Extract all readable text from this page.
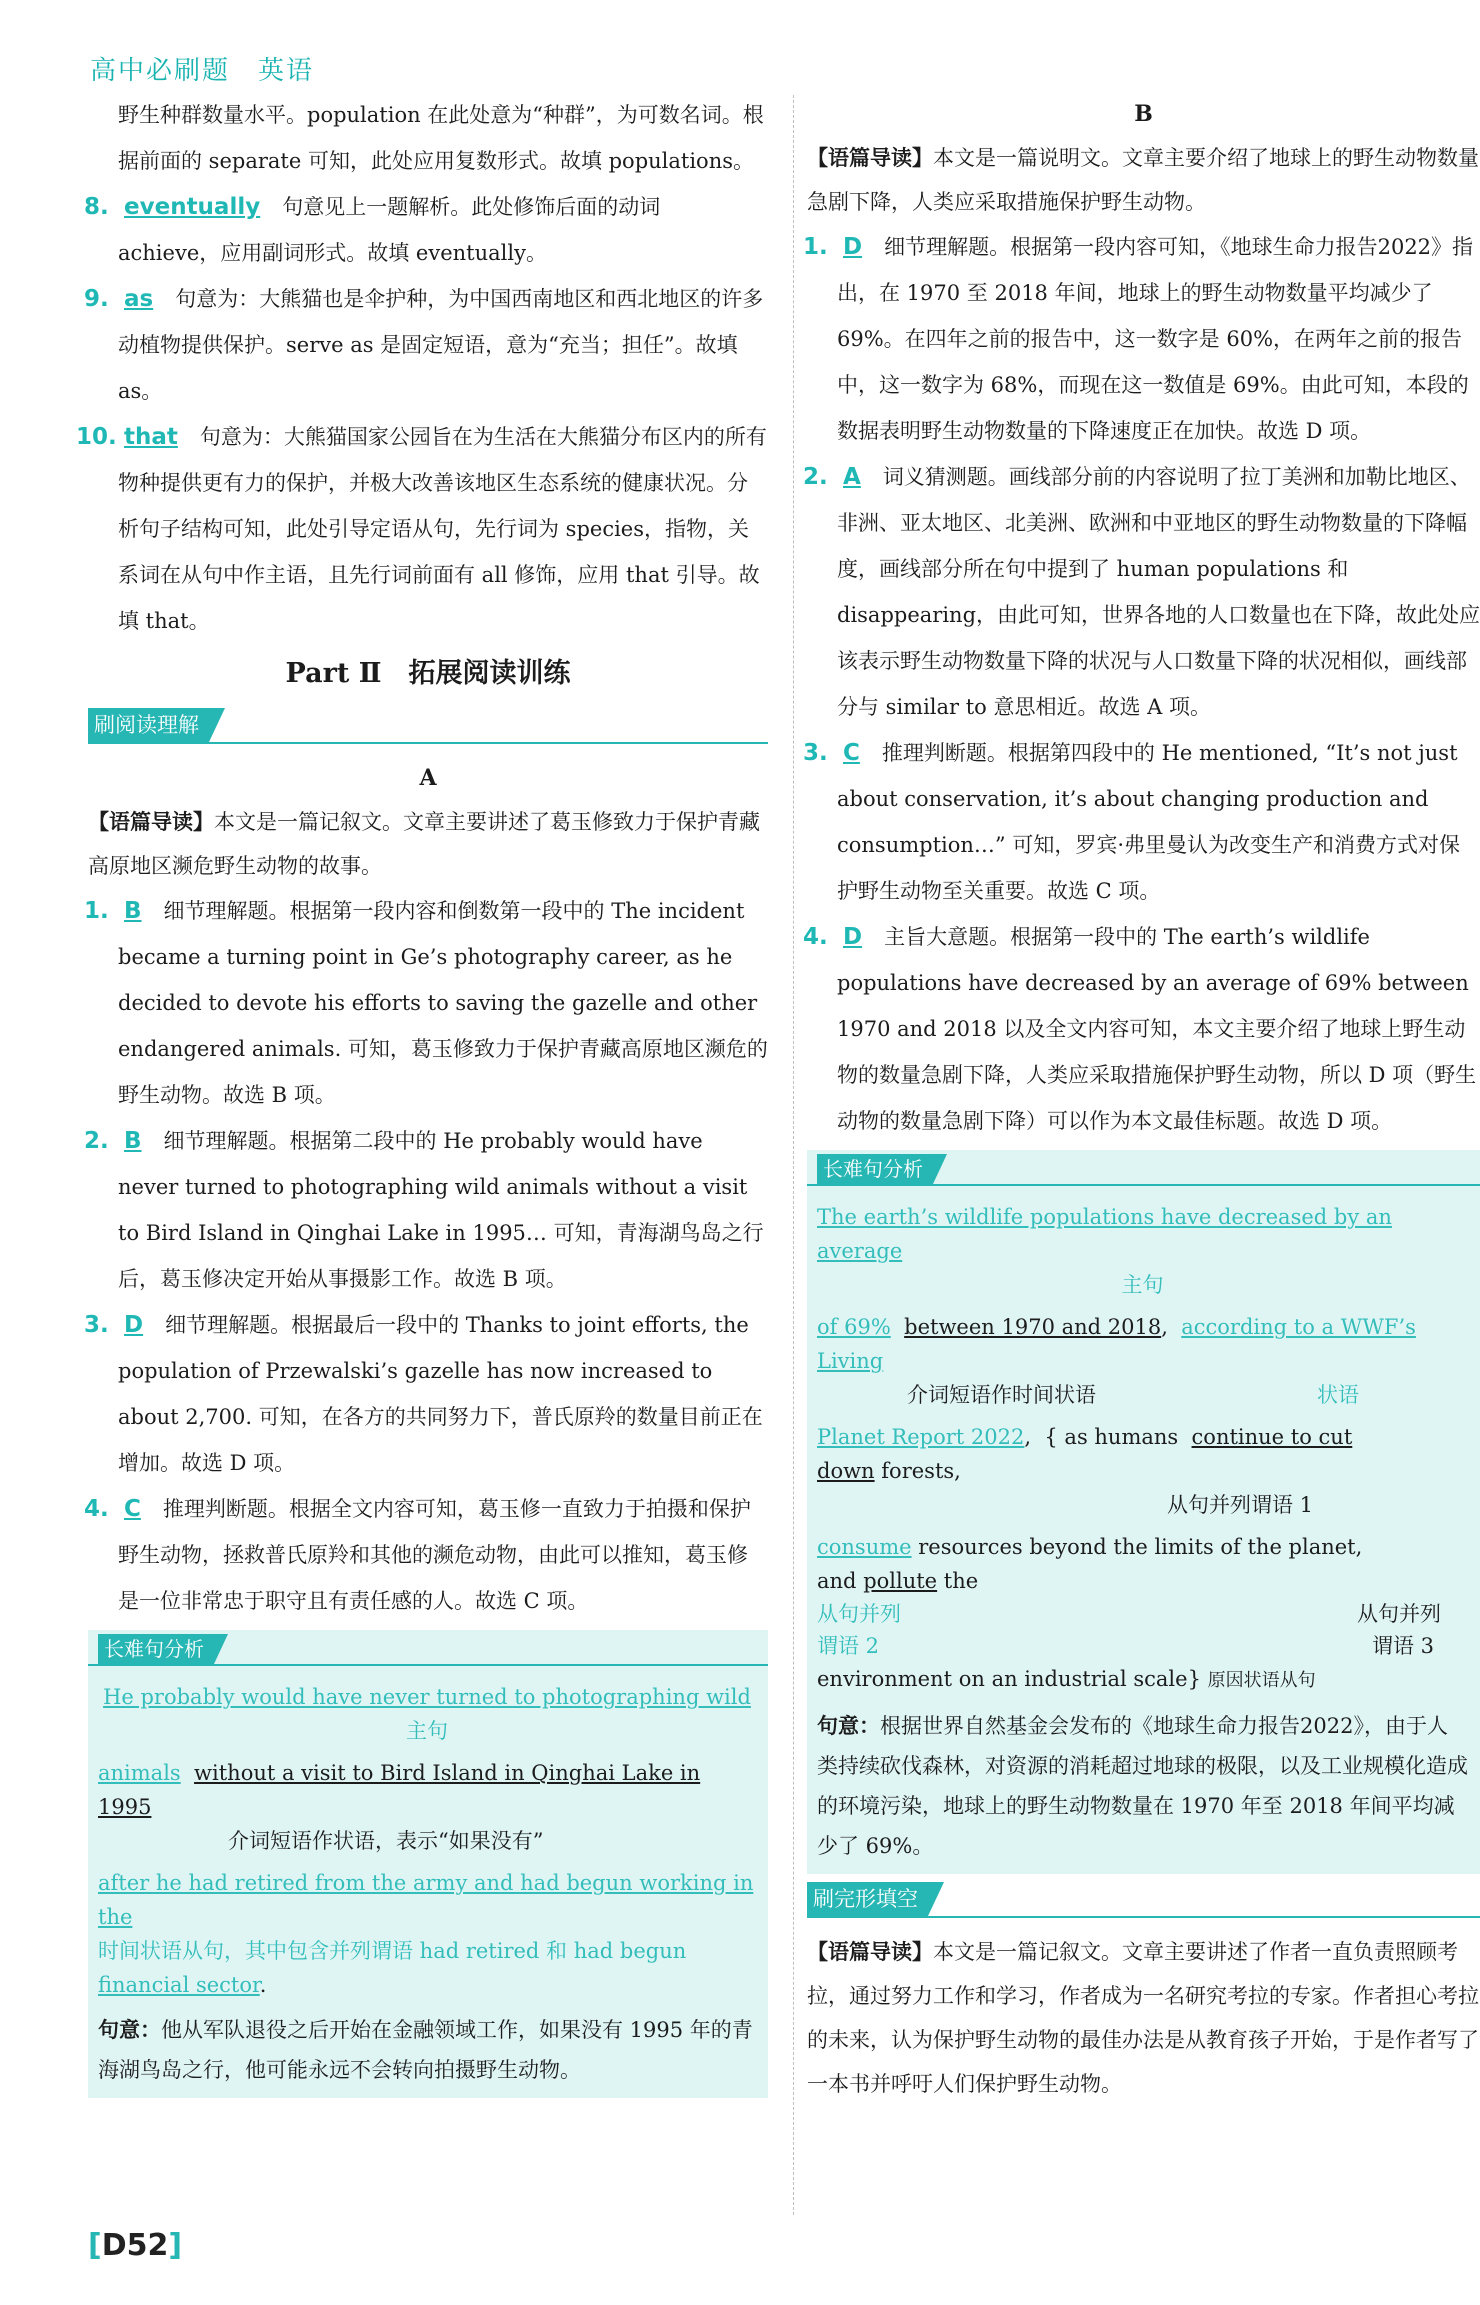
高中必刷题　英语

野生种群数量水平。population 在此处意为“种群”，为可数名词。根据前面的 separate 可知，此处应用复数形式。故填 populations。

8. eventually 句意见上一题解析。此处修饰后面的动词 achieve，应用副词形式。故填 eventually。
9. as 句意为：大熊猫也是伞护种，为中国西南地区和西北地区的许多动植物提供保护。serve as 是固定短语，意为“充当；担任”。故填 as。
10. that 句意为：大熊猫国家公园旨在为生活在大熊猫分布区内的所有物种提供更有力的保护，并极大改善该地区生态系统的健康状况。分析句子结构可知，此处引导定语从句，先行词为 species，指物，关系词在从句中作主语，且先行词前面有 all 修饰，应用 that 引导。故填 that。
Part Ⅱ　拓展阅读训练
刷阅读理解
A
【语篇导读】本文是一篇记叙文。文章主要讲述了葛玉修致力于保护青藏高原地区濒危野生动物的故事。
1. B 细节理解题。根据第一段内容和倒数第一段中的 The incident became a turning point in Ge’s photography career, as he decided to devote his efforts to saving the gazelle and other endangered animals. 可知，葛玉修致力于保护青藏高原地区濒危的野生动物。故选 B 项。
2. B 细节理解题。根据第二段中的 He probably would have never turned to photographing wild animals without a visit to Bird Island in Qinghai Lake in 1995… 可知，青海湖鸟岛之行后，葛玉修决定开始从事摄影工作。故选 B 项。
3. D 细节理解题。根据最后一段中的 Thanks to joint efforts, the population of Przewalski’s gazelle has now increased to about 2,700. 可知，在各方的共同努力下，普氏原羚的数量目前正在增加。故选 D 项。
4. C 推理判断题。根据全文内容可知，葛玉修一直致力于拍摄和保护野生动物，拯救普氏原羚和其他的濒危动物，由此可以推知，葛玉修是一位非常忠于职守且有责任感的人。故选 C 项。
长难句分析
He probably would have never turned to photographing wild
主句
animals without a visit to Bird Island in Qinghai Lake in 1995
介词短语作状语，表示“如果没有”
after he had retired from the army and had begun working in the
时间状语从句，其中包含并列谓语 had retired 和 had begun
financial sector.
句意：他从军队退役之后开始在金融领域工作，如果没有 1995 年的青海湖鸟岛之行，他可能永远不会转向拍摄野生动物。
B
【语篇导读】本文是一篇说明文。文章主要介绍了地球上的野生动物数量急剧下降，人类应采取措施保护野生动物。
1. D 细节理解题。根据第一段内容可知，《地球生命力报告2022》指出，在 1970 至 2018 年间，地球上的野生动物数量平均减少了 69%。在四年之前的报告中，这一数字是 60%，在两年之前的报告中，这一数字为 68%，而现在这一数值是 69%。由此可知，本段的数据表明野生动物数量的下降速度正在加快。故选 D 项。
2. A 词义猜测题。画线部分前的内容说明了拉丁美洲和加勒比地区、非洲、亚太地区、北美洲、欧洲和中亚地区的野生动物数量的下降幅度，画线部分所在句中提到了 human populations 和 disappearing，由此可知，世界各地的人口数量也在下降，故此处应该表示野生动物数量下降的状况与人口数量下降的状况相似，画线部分与 similar to 意思相近。故选 A 项。
3. C 推理判断题。根据第四段中的 He mentioned, “It’s not just about conservation, it’s about changing production and consumption…” 可知，罗宾·弗里曼认为改变生产和消费方式对保护野生动物至关重要。故选 C 项。
4. D 主旨大意题。根据第一段中的 The earth’s wildlife populations have decreased by an average of 69% between 1970 and 2018 以及全文内容可知，本文主要介绍了地球上野生动物的数量急剧下降，人类应采取措施保护野生动物，所以 D 项（野生动物的数量急剧下降）可以作为本文最佳标题。故选 D 项。
长难句分析
The earth’s wildlife populations have decreased by an average
主句
of 69% between 1970 and 2018,  according to a WWF’s Living
介词短语作时间状语	状语
Planet Report 2022,  { as humans continue to cut down forests,
从句并列谓语 1
consume resources beyond the limits of the planet, and pollute the
从句并列
谓语 2
从句并列
谓语 3
environment on an industrial scale} 原因状语从句
句意：根据世界自然基金会发布的《地球生命力报告2022》，由于人类持续砍伐森林，对资源的消耗超过地球的极限，以及工业规模化造成的环境污染，地球上的野生动物数量在 1970 年至 2018 年间平均减少了 69%。
刷完形填空
【语篇导读】本文是一篇记叙文。文章主要讲述了作者一直负责照顾考拉，通过努力工作和学习，作者成为一名研究考拉的专家。作者担心考拉的未来，认为保护野生动物的最佳办法是从教育孩子开始，于是作者写了一本书并呼吁人们保护野生动物。
[D52]
